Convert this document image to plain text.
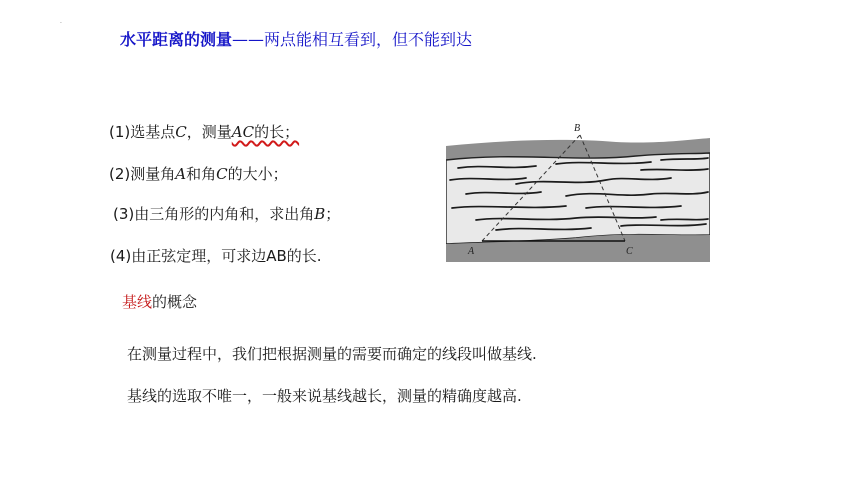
·
水平距离的测量——两点能相互看到，但不能到达
(1)选基点C，测量AC的长；
(2)测量角A和角C的大小；
(3)由三角形的内角和，求出角B；
(4)由正弦定理，可求边AB的长.
基线的概念
在测量过程中，我们把根据测量的需要而确定的线段叫做基线.
基线的选取不唯一，一般来说基线越长，测量的精确度越高.
B
A	C
